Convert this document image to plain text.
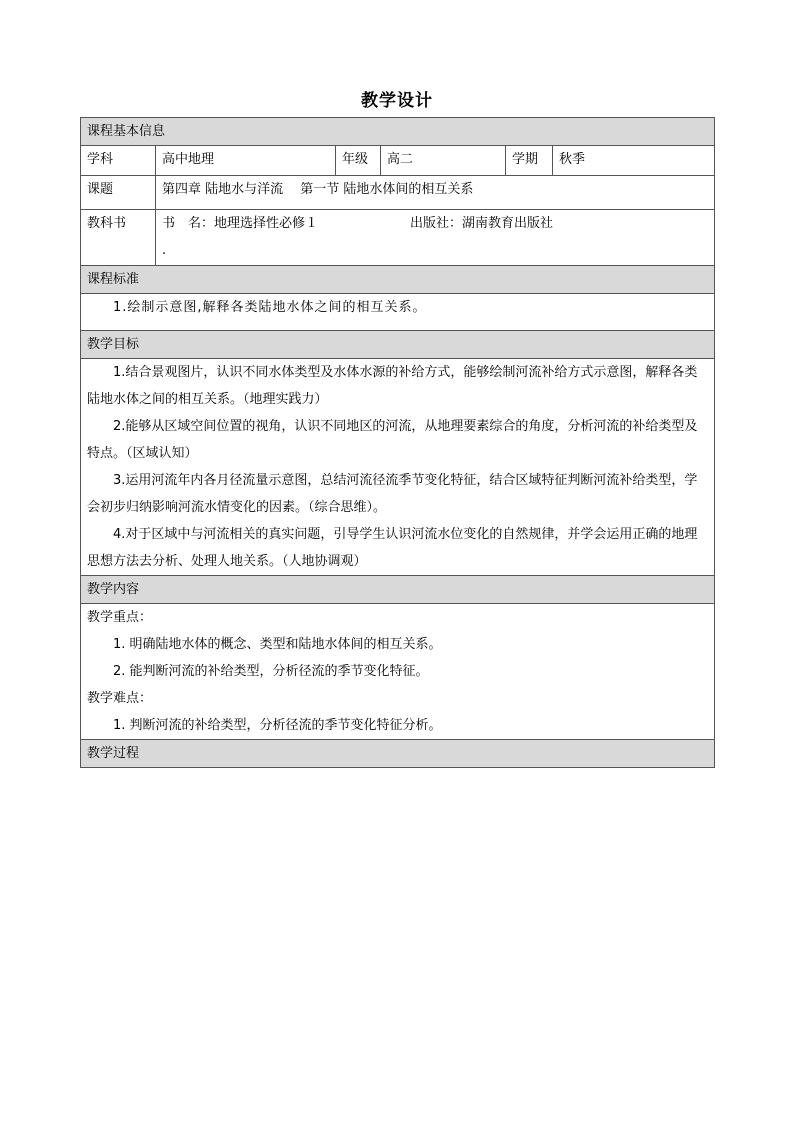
教学设计
课程基本信息					
学科	高中地理	年级	高二	学期	秋季
课题	第四章 陆地水与洋流　 第一节 陆地水体间的相互关系				
教科书	书　名：地理选择性必修１ 出版社：湖南教育出版社
.				

课程标准					

1.绘制示意图,解释各类陆地水体之间的相互关系。					

教学目标					

1.结合景观图片，认识不同水体类型及水体水源的补给方式，能够绘制河流补给方式示意图，解释各类陆地水体之间的相互关系。（地理实践力）

2.能够从区域空间位置的视角，认识不同地区的河流，从地理要素综合的角度，分析河流的补给类型及特点。（区域认知）

3.运用河流年内各月径流量示意图，总结河流径流季节变化特征，结合区域特征判断河流补给类型，学会初步归纳影响河流水情变化的因素。（综合思维）。

4.对于区域中与河流相关的真实问题，引导学生认识河流水位变化的自然规律，并学会运用正确的地理思想方法去分析、处理人地关系。（人地协调观）					

教学内容					

教学重点：

1. 明确陆地水体的概念、类型和陆地水体间的相互关系。

2. 能判断河流的补给类型，分析径流的季节变化特征。

教学难点：

1. 判断河流的补给类型，分析径流的季节变化特征分析。					

教学过程					
